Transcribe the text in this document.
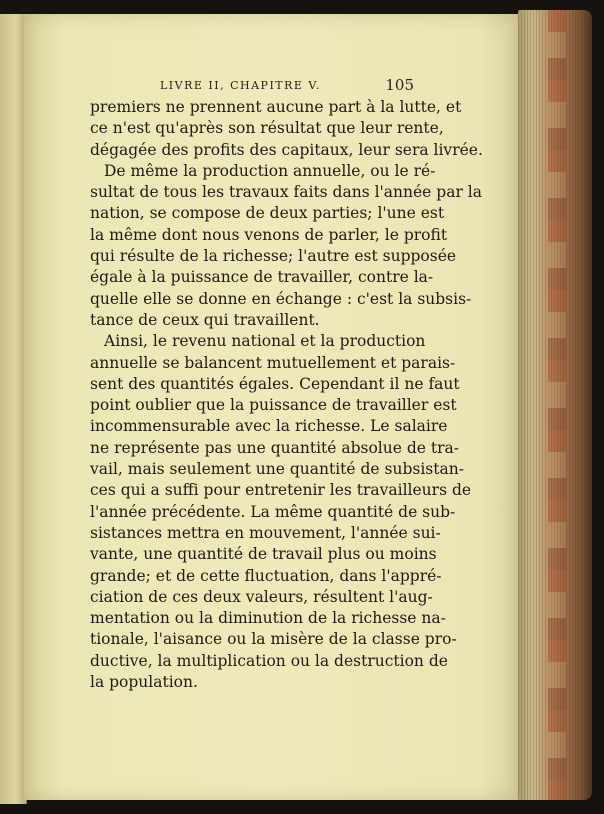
LIVRE II, CHAPITRE V.	105
premiers ne prennent aucune part à la lutte, et
ce n'est qu'après son résultat que leur rente,
dégagée des profits des capitaux, leur sera livrée.
De même la production annuelle, ou le ré-
sultat de tous les travaux faits dans l'année par la
nation, se compose de deux parties; l'une est
la même dont nous venons de parler, le profit
qui résulte de la richesse; l'autre est supposée
égale à la puissance de travailler, contre la-
quelle elle se donne en échange : c'est la subsis-
tance de ceux qui travaillent.
Ainsi, le revenu national et la production
annuelle se balancent mutuellement et parais-
sent des quantités égales. Cependant il ne faut
point oublier que la puissance de travailler est
incommensurable avec la richesse. Le salaire
ne représente pas une quantité absolue de tra-
vail, mais seulement une quantité de subsistan-
ces qui a suffi pour entretenir les travailleurs de
l'année précédente. La même quantité de sub-
sistances mettra en mouvement, l'année sui-
vante, une quantité de travail plus ou moins
grande; et de cette fluctuation, dans l'appré-
ciation de ces deux valeurs, résultent l'aug-
mentation ou la diminution de la richesse na-
tionale, l'aisance ou la misère de la classe pro-
ductive, la multiplication ou la destruction de
la population.
